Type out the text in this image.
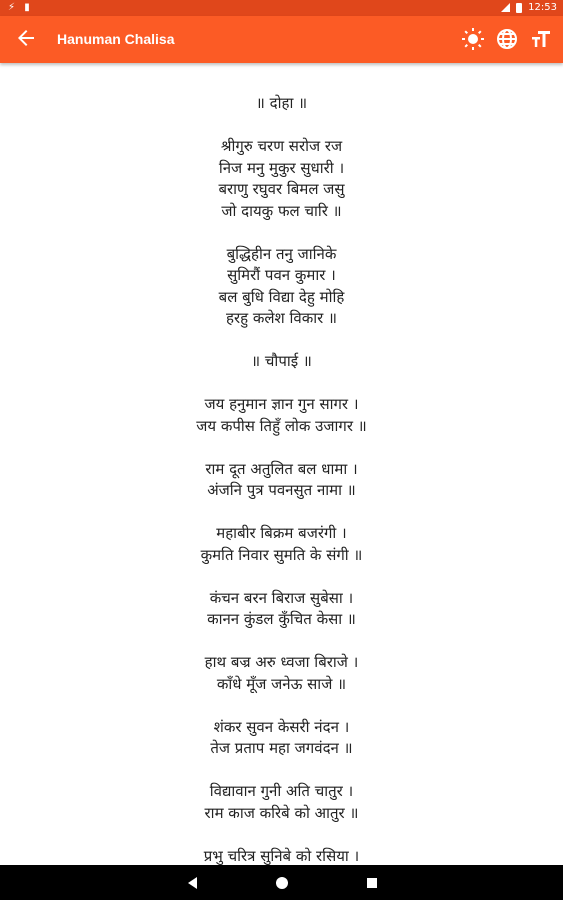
⚡ ▮	12:53
Hanuman Chalisa
॥ दोहा ॥
श्रीगुरु चरण सरोज रज
निज मनु मुकुर सुधारी ।
बराणु रघुवर बिमल जसु
जो दायकु फल चारि ॥
बुद्धिहीन तनु जानिके
सुमिरौं पवन कुमार ।
बल बुधि विद्या देहु मोहि
हरहु कलेश विकार ॥
॥ चौपाई ॥
जय हनुमान ज्ञान गुन सागर ।
जय कपीस तिहुँ लोक उजागर ॥
राम दूत अतुलित बल धामा ।
अंजनि पुत्र पवनसुत नामा ॥
महाबीर बिक्रम बजरंगी ।
कुमति निवार सुमति के संगी ॥
कंचन बरन बिराज सुबेसा ।
कानन कुंडल कुँचित केसा ॥
हाथ बज्र अरु ध्वजा बिराजे ।
काँधे मूँज जनेऊ साजे ॥
शंकर सुवन केसरी नंदन ।
तेज प्रताप महा जगवंदन ॥
विद्यावान गुनी अति चातुर ।
राम काज करिबे को आतुर ॥
प्रभु चरित्र सुनिबे को रसिया ।
